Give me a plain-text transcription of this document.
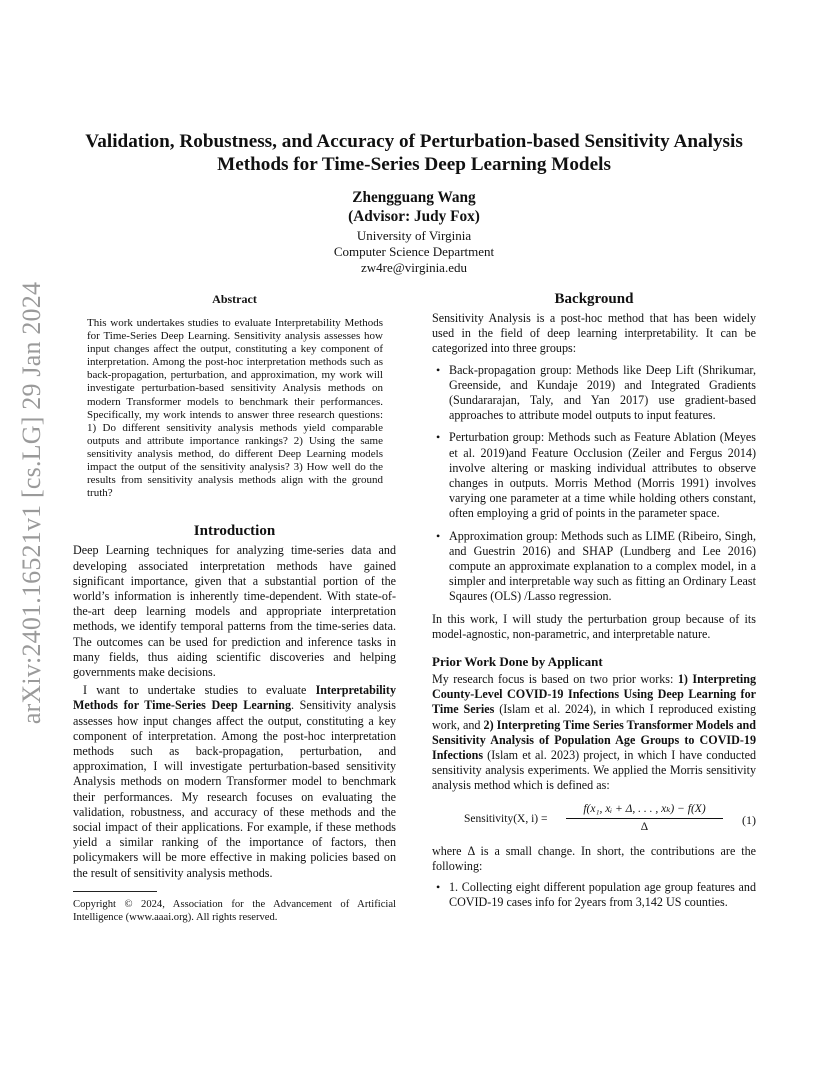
arXiv:2401.16521v1 [cs.LG] 29 Jan 2024
Validation, Robustness, and Accuracy of Perturbation-based Sensitivity Analysis
Methods for Time-Series Deep Learning Models
Zhengguang Wang
(Advisor: Judy Fox)
University of Virginia
Computer Science Department
zw4re@virginia.edu
Abstract

This work undertakes studies to evaluate Interpretability Methods for Time-Series Deep Learning. Sensitivity analysis assesses how input changes affect the output, constituting a key component of interpretation. Among the post-hoc interpretation methods such as back-propagation, perturbation, and approximation, my work will investigate perturbation-based sensitivity Analysis methods on modern Transformer models to benchmark their performances. Specifically, my work intends to answer three research questions: 1) Do different sensitivity analysis methods yield comparable outputs and attribute importance rankings? 2) Using the same sensitivity analysis method, do different Deep Learning models impact the output of the sensitivity analysis? 3) How well do the results from sensitivity analysis methods align with the ground truth?

Introduction

Deep Learning techniques for analyzing time-series data and developing associated interpretation methods have gained significant importance, given that a substantial portion of the world’s information is inherently time-dependent. With state-of-the-art deep learning models and appropriate interpretation methods, we identify temporal patterns from the time-series data. The outcomes can be used for prediction and inference tasks in many fields, thus aiding scientific discoveries and helping governments make decisions.

I want to undertake studies to evaluate Interpretability Methods for Time-Series Deep Learning. Sensitivity analysis assesses how input changes affect the output, constituting a key component of interpretation. Among the post-hoc interpretation methods such as back-propagation, perturbation, and approximation, I will investigate perturbation-based sensitivity Analysis methods on modern Transformer model to benchmark their performances. My research focuses on evaluating the validation, robustness, and accuracy of these methods and the social impact of their applications. For example, if these methods yield a similar ranking of the importance of factors, then policymakers will be more effective in making policies based on the result of sensitivity analysis methods.

Copyright © 2024, Association for the Advancement of Artificial Intelligence (www.aaai.org). All rights reserved.

Background

Sensitivity Analysis is a post-hoc method that has been widely used in the field of deep learning interpretability. It can be categorized into three groups:

• Back-propagation group: Methods like Deep Lift (Shrikumar, Greenside, and Kundaje 2019) and Integrated Gradients (Sundararajan, Taly, and Yan 2017) use gradient-based approaches to attribute model outputs to input features.
• Perturbation group: Methods such as Feature Ablation (Meyes et al. 2019)and Feature Occlusion (Zeiler and Fergus 2014) involve altering or masking individual attributes to observe changes in outputs. Morris Method (Morris 1991) involves varying one parameter at a time while holding others constant, often employing a grid of points in the parameter space.
• Approximation group: Methods such as LIME (Ribeiro, Singh, and Guestrin 2016) and SHAP (Lundberg and Lee 2016) compute an approximate explanation to a complex model, in a simpler and interpretable way such as fitting an Ordinary Least Sqaures (OLS) /Lasso regression.

In this work, I will study the perturbation group because of its model-agnostic, non-parametric, and interpretable nature.

Prior Work Done by Applicant

My research focus is based on two prior works: 1) Interpreting County-Level COVID-19 Infections Using Deep Learning for Time Series (Islam et al. 2024), in which I reproduced existing work, and 2) Interpreting Time Series Transformer Models and Sensitivity Analysis of Population Age Groups to COVID-19 Infections (Islam et al. 2023) project, in which I have conducted sensitivity analysis experiments. We applied the Morris sensitivity analysis method which is defined as:

Sensitivity(X, i) =
f(x₁, xᵢ + Δ, . . . , xₖ) − f(X)
Δ	(1)

where Δ is a small change. In short, the contributions are the following:

• 1. Collecting eight different population age group features and COVID-19 cases info for 2years from 3,142 US counties.
